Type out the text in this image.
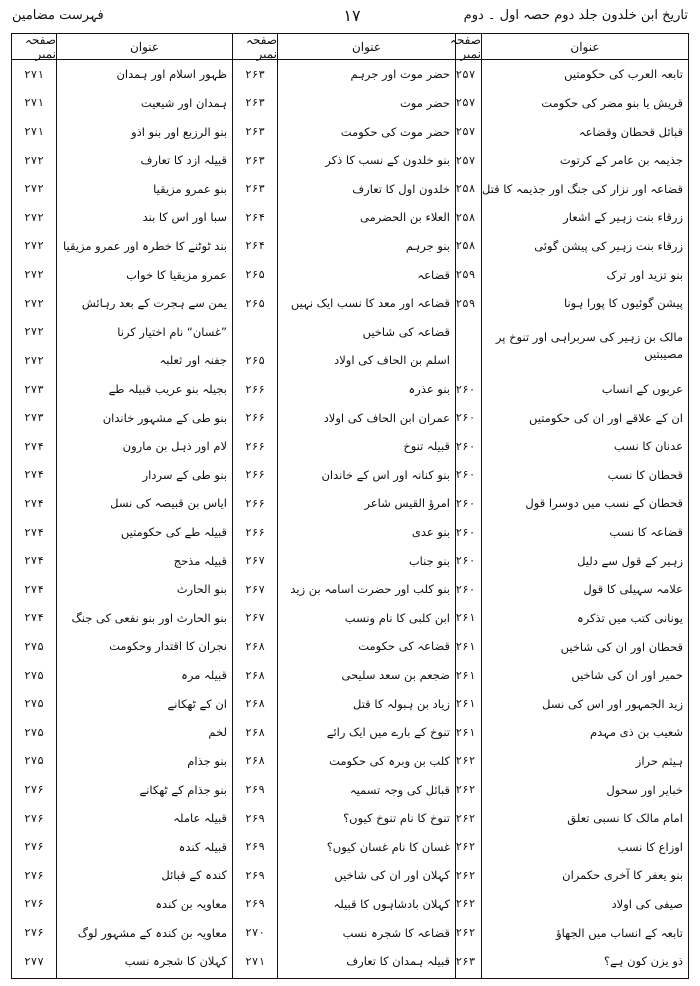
فہرست مضامین	۱۷	تاریخ ابن خلدون جلد دوم حصہ اول ۔ دوم
عنوان
تابعہ العرب کی حکومتیں
قریش یا بنو مضر کی حکومت
قبائل قحطان وقضاعہ
جذیمہ بن عامر کے کرتوت
قضاعہ اور نزار کی جنگ اور جذیمہ کا قتل
زرقاء بنت زہیر کے اشعار
زرقاء بنت زہیر کی پیشن گوئی
بنو تزید اور ترک
پیشن گوئیوں کا پورا ہونا
مالک بن زہیر کی سربراہی اور تنوخ پر مصیبتیں
عربوں کے انساب
ان کے علاقے اور ان کی حکومتیں
عدنان کا نسب
قحطان کا نسب
قحطان کے نسب میں دوسرا قول
قضاعہ کا نسب
زہیر کے قول سے دلیل
علامہ سہیلی کا قول
یونانی کتب میں تذکرہ
قحطان اور ان کی شاخیں
حمیر اور ان کی شاخیں
زید الجمہور اور اس کی نسل
شعیب بن ذی مہدم
ہیثم حراز
خبایر اور سحول
امام مالک کا نسبی تعلق
اوزاع کا نسب
بنو یعفر کا آخری حکمران
صیفی کی اولاد
تابعہ کے انساب میں الجھاؤ
ذو یزن کون ہے؟
صفحہ نمبر
۲۵۷
۲۵۷
۲۵۷
۲۵۷
۲۵۸
۲۵۸
۲۵۸
۲۵۹
۲۵۹
۲۶۰
۲۶۰
۲۶۰
۲۶۰
۲۶۰
۲۶۰
۲۶۰
۲۶۰
۲۶۱
۲۶۱
۲۶۱
۲۶۱
۲۶۱
۲۶۲
۲۶۲
۲۶۲
۲۶۲
۲۶۲
۲۶۲
۲۶۲
۲۶۳
عنوان
حضر موت اور جرہم
حضر موت
حضر موت کی حکومت
بنو خلدون کے نسب کا ذکر
خلدون اول کا تعارف
العلاء بن الحضرمی
بنو جرہم
قضاعہ
قضاعہ اور معد کا نسب ایک نہیں
قضاعہ کی شاخیں
اسلم بن الحاف کی اولاد
بنو عذرہ
عمران ابن الحاف کی اولاد
قبیلہ تنوخ
بنو کنانہ اور اس کے خاندان
امرؤ القیس شاعر
بنو عدی
بنو جناب
بنو کلب اور حضرت اسامہ بن زید
ابن کلبی کا نام ونسب
قضاعہ کی حکومت
ضجعم بن سعد سلیحی
زیاد بن ہبولہ کا قتل
تنوخ کے بارے میں ایک رائے
کلب بن وبرہ کی حکومت
قبائل کی وجہ تسمیہ
تنوخ کا نام تنوخ کیوں؟
غسان کا نام غسان کیوں؟
کہلان اور ان کی شاخیں
کہلان بادشاہوں کا قبیلہ
قضاعہ کا شجرہ نسب
قبیلہ ہمدان کا تعارف
صفحہ نمبر
۲۶۳
۲۶۳
۲۶۳
۲۶۳
۲۶۳
۲۶۴
۲۶۴
۲۶۵
۲۶۵
۲۶۵
۲۶۶
۲۶۶
۲۶۶
۲۶۶
۲۶۶
۲۶۶
۲۶۷
۲۶۷
۲۶۷
۲۶۸
۲۶۸
۲۶۸
۲۶۸
۲۶۸
۲۶۹
۲۶۹
۲۶۹
۲۶۹
۲۶۹
۲۷۰
۲۷۱
عنوان
ظہور اسلام اور ہمدان
ہمدان اور شیعیت
بنو الرزبع اور بنو اذو
قبیلہ ازد کا تعارف
بنو عمرو مزیقیا
سبا اور اس کا بند
بند ٹوٹنے کا خطرہ اور عمرو مزیقیا
عمرو مزیقیا کا خواب
یمن سے ہجرت کے بعد رہائش
”غسان“ نام اختیار کرنا
جفنہ اور ثعلبہ
بجیلہ بنو عریب قبیلہ طے
بنو طی کے مشہور خاندان
لام اور ذہل بن مارون
بنو طی کے سردار
ایاس بن قبیصہ کی نسل
قبیلہ طے کی حکومتیں
قبیلہ مذحج
بنو الحارث
بنو الحارث اور بنو نفعی کی جنگ
نجران کا اقتدار وحکومت
قبیلہ مرہ
ان کے ٹھکانے
لخم
بنو جذام
بنو جذام کے ٹھکانے
قبیلہ عاملہ
قبیلہ کندہ
کندہ کے قبائل
معاویہ بن کندہ
معاویہ بن کندہ کے مشہور لوگ
کہلان کا شجرہ نسب
صفحہ نمبر
۲۷۱
۲۷۱
۲۷۱
۲۷۲
۲۷۲
۲۷۲
۲۷۲
۲۷۲
۲۷۲
۲۷۲
۲۷۲
۲۷۳
۲۷۳
۲۷۴
۲۷۴
۲۷۴
۲۷۴
۲۷۴
۲۷۴
۲۷۴
۲۷۵
۲۷۵
۲۷۵
۲۷۵
۲۷۵
۲۷۶
۲۷۶
۲۷۶
۲۷۶
۲۷۶
۲۷۶
۲۷۷
